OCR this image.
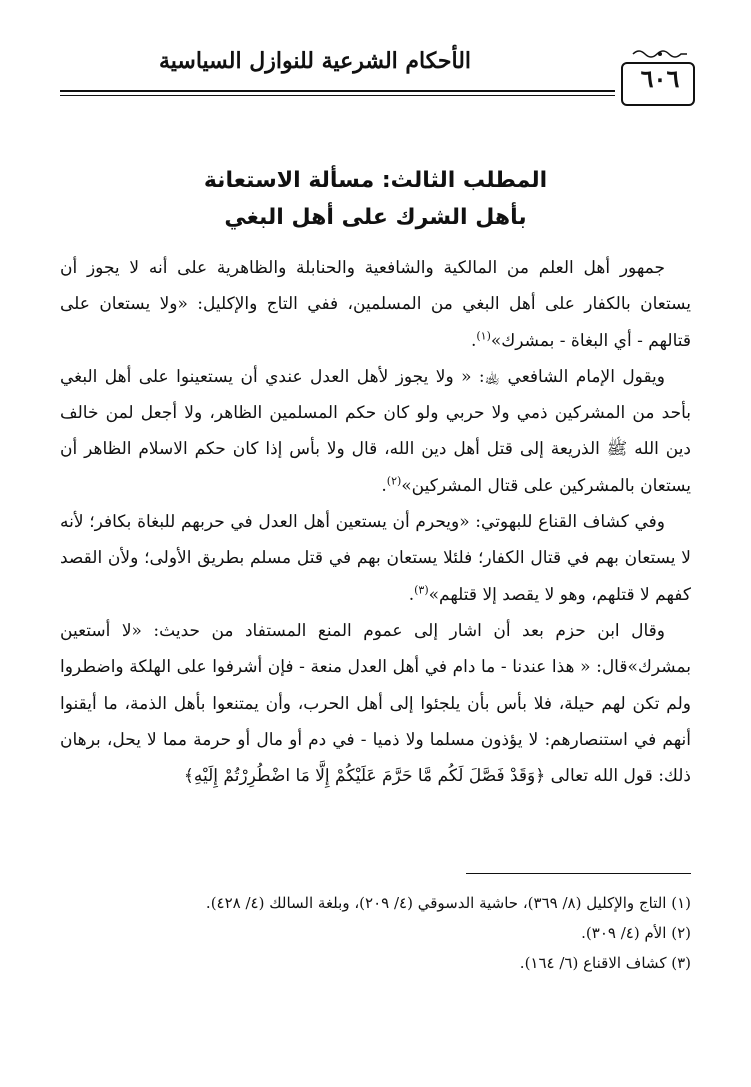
الأحكام الشرعية للنوازل السياسية
٦٠٦
المطلب الثالث: مسألة الاستعانة
بأهل الشرك على أهل البغي

جمهور أهل العلم من المالكية والشافعية والحنابلة والظاهرية على أنه لا يجوز أن يستعان بالكفار على أهل البغي من المسلمين، ففي التاج والإكليل: «ولا يستعان على قتالهم - أي البغاة - بمشرك»$^{(١)}$.

ويقول الإمام الشافعي ﵀: « ولا يجوز لأهل العدل عندي أن يستعينوا على أهل البغي بأحد من المشركين ذمي ولا حربي ولو كان حكم المسلمين الظاهر، ولا أجعل لمن خالف دين الله ﷺ الذريعة إلى قتل أهل دين الله، قال ولا بأس إذا كان حكم الاسلام الظاهر أن يستعان بالمشركين على قتال المشركين»$^{(٢)}$.

وفي كشاف القناع للبهوتي: «ويحرم أن يستعين أهل العدل في حربهم للبغاة بكافر؛ لأنه لا يستعان بهم في قتال الكفار؛ فلئلا يستعان بهم في قتل مسلم بطريق الأولى؛ ولأن القصد كفهم لا قتلهم، وهو لا يقصد إلا قتلهم»$^{(٣)}$.

وقال ابن حزم بعد أن اشار إلى عموم المنع المستفاد من حديث: «لا أستعين بمشرك»قال: « هذا عندنا - ما دام في أهل العدل منعة - فإن أشرفوا على الهلكة واضطروا ولم تكن لهم حيلة، فلا بأس بأن يلجئوا إلى أهل الحرب، وأن يمتنعوا بأهل الذمة، ما أيقنوا أنهم في استنصارهم: لا يؤذون مسلما ولا ذميا - في دم أو مال أو حرمة مما لا يحل، برهان ذلك: قول الله تعالى ﴿وَقَدْ فَصَّلَ لَكُم مَّا حَرَّمَ عَلَيْكُمْ إِلَّا مَا اضْطُرِرْتُمْ إِلَيْهِ﴾

(١) التاج والإكليل (٨/ ٣٦٩)، حاشية الدسوقي (٤/ ٢٠٩)، وبلغة السالك (٤/ ٤٢٨).

(٢) الأم (٤/ ٣٠٩).

(٣) كشاف الاقناع (٦/ ١٦٤).
